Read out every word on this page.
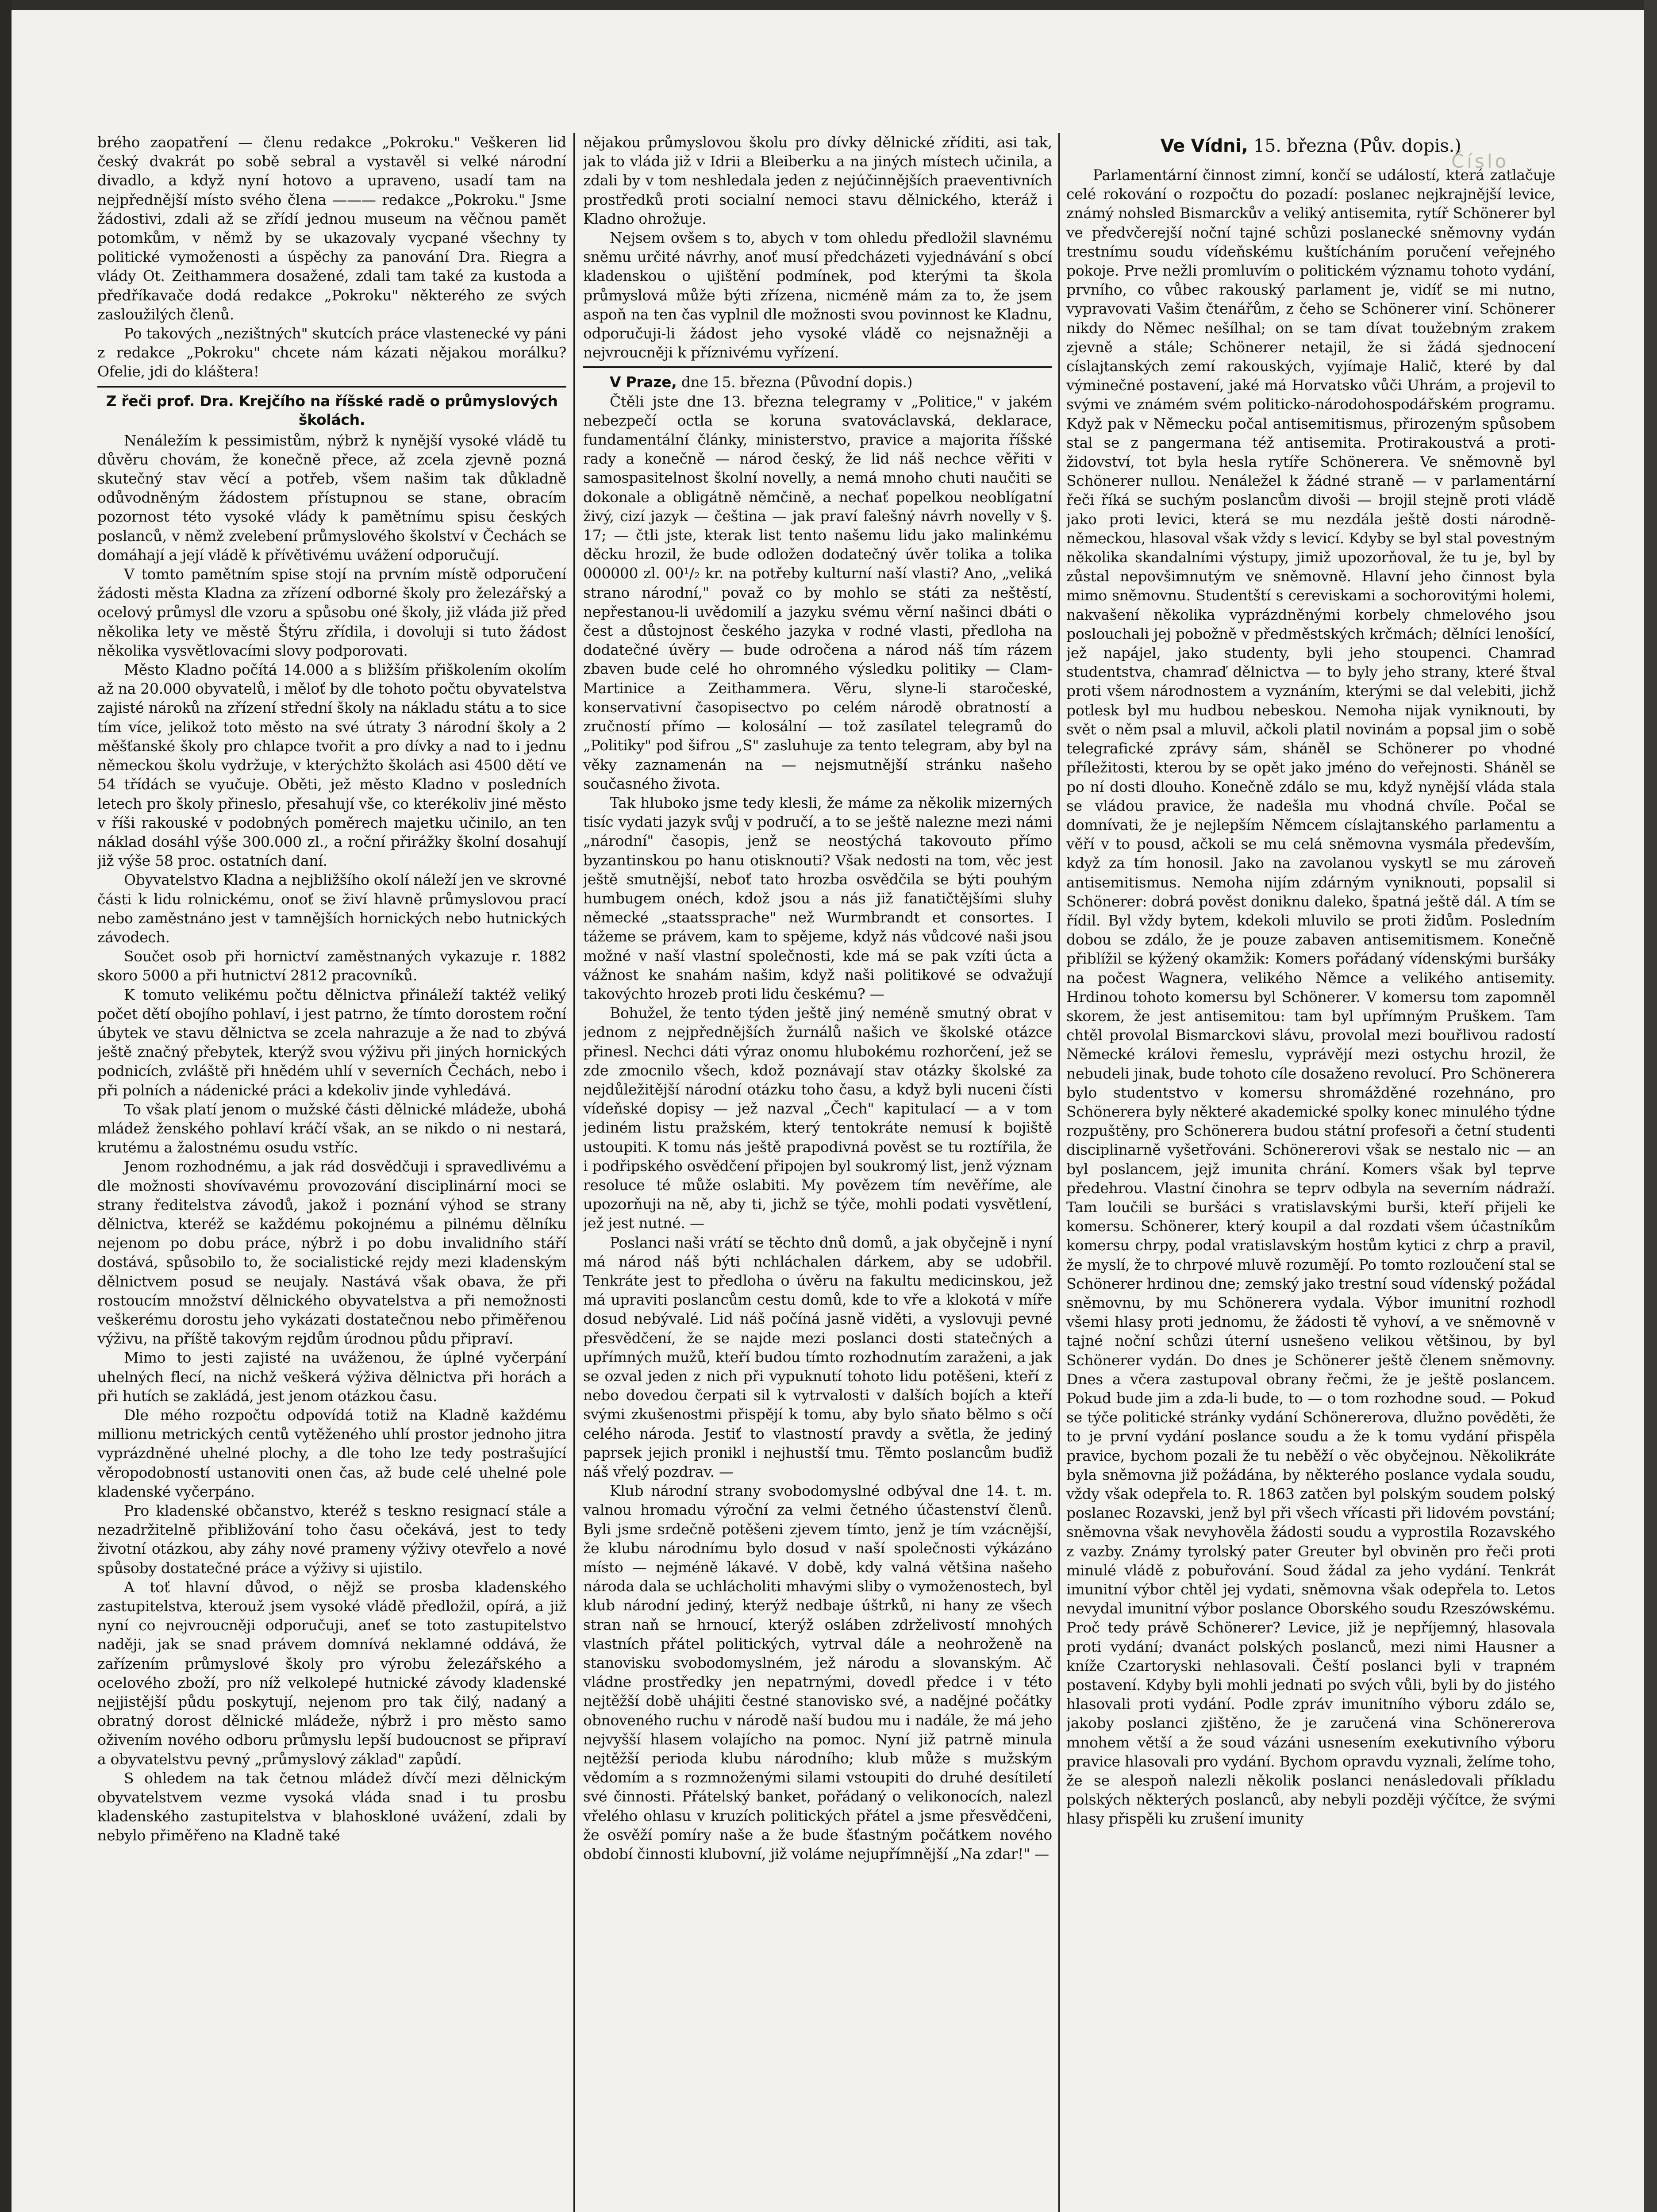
Číslo

brého zaopatření — členu redakce „Pokroku." Veškeren lid český dvakrát po sobě sebral a vystavěl si velké národní divadlo, a když nyní hotovo a upraveno, usadí tam na nejpřednější místo svého člena ——— redakce „Pokroku." Jsme žádostivi, zdali až se zřídí jednou museum na věčnou pamět potomkům, v němž by se ukazovaly vycpané všechny ty politické vymoženosti a úspěchy za panování Dra. Riegra a vlády Ot. Zeithammera dosažené, zdali tam také za kustoda a předříkavače dodá redakce „Pokroku" některého ze svých zasloužilých členů.

Po takových „nezištných" skutcích práce vlastenecké vy páni z redakce „Pokroku" chcete nám kázati nějakou morálku? Ofelie, jdi do kláštera!

Z řeči prof. Dra. Krejčího na říšské radě o průmyslových školách.

Nenáležím k pessimistům, nýbrž k nynější vysoké vládě tu důvěru chovám, že konečně přece, až zcela zjevně pozná skutečný stav věcí a potřeb, všem našim tak důkladně odůvodněným žádostem přístupnou se stane, obracím pozornost této vysoké vlády k pamětnímu spisu českých poslanců, v němž zvelebení průmyslového školství v Čechách se domáhají a její vládě k přívětivému uvážení odporučují.

V tomto pamětním spise stojí na prvním místě odporučení žádosti města Kladna za zřízení odborné školy pro železářský a ocelový průmysl dle vzoru a spůsobu oné školy, již vláda již před několika lety ve městě Štýru zřídila, i dovoluji si tuto žádost několika vysvětlovacími slovy podporovati.

Město Kladno počítá 14.000 a s bližším přiškolením okolím až na 20.000 obyvatelů, i měloť by dle tohoto počtu obyvatelstva zajisté nároků na zřízení střední školy na nákladu státu a to sice tím více, jelikož toto město na své útraty 3 národní školy a 2 měšťanské školy pro chlapce tvořit a pro dívky a nad to i jednu německou školu vydržuje, v kterýchžto školách asi 4500 dětí ve 54 třídách se vyučuje. Oběti, jež město Kladno v posledních letech pro školy přineslo, přesahují vše, co kterékoliv jiné město v říši rakouské v podobných poměrech majetku učinilo, an ten náklad dosáhl výše 300.000 zl., a roční přirážky školní dosahují již výše 58 proc. ostatních daní.

Obyvatelstvo Kladna a nejbližšího okolí náleží jen ve skrovné části k lidu rolnickému, onoť se živí hlavně průmyslovou prací nebo zaměstnáno jest v tamnějších hornických nebo hutnických závodech.

Součet osob při hornictví zaměstnaných vykazuje r. 1882 skoro 5000 a při hutnictví 2812 pracovníků.

K tomuto velikému počtu dělnictva přináleží taktéž veliký počet dětí obojího pohlaví, i jest patrno, že tímto dorostem roční úbytek ve stavu dělnictva se zcela nahrazuje a že nad to zbývá ještě značný přebytek, kterýž svou výživu při jiných hornických podnicích, zvláště při hnědém uhlí v severních Čechách, nebo i při polních a nádenické práci a kdekoliv jinde vyhledává.

To však platí jenom o mužské části dělnické mládeže, ubohá mládež ženského pohlaví kráčí však, an se nikdo o ni nestará, krutému a žalostnému osudu vstříc.

Jenom rozhodnému, a jak rád dosvědčuji i spravedlivému a dle možnosti shovívavému provozování disciplinární moci se strany ředitelstva závodů, jakož i poznání výhod se strany dělnictva, kteréž se každému pokojnému a pilnému dělníku nejenom po dobu práce, nýbrž i po dobu invalidního stáří dostává, spůsobilo to, že socialistické rejdy mezi kladenským dělnictvem posud se neujaly. Nastává však obava, že při rostoucím množství dělnického obyvatelstva a při nemožnosti veškerému dorostu jeho vykázati dostatečnou nebo přiměřenou výživu, na příště takovým rejdům úrodnou půdu připraví.

Mimo to jesti zajisté na uváženou, že úplné vyčerpání uhelných flecí, na nichž veškerá výživa dělnictva při horách a při hutích se zakládá, jest jenom otázkou času.

Dle mého rozpočtu odpovídá totiž na Kladně každému millionu metrických centů vytěženého uhlí prostor jednoho jitra vyprázdněné uhelné plochy, a dle toho lze tedy postrašující věropodobností ustanoviti onen čas, až bude celé uhelné pole kladenské vyčerpáno.

Pro kladenské občanstvo, kteréž s teskno resignací stále a nezadržitelně přibližování toho času očekává, jest to tedy životní otázkou, aby záhy nové prameny výživy otevřelo a nové spůsoby dostatečné práce a výživy si ujistilo.

A toť hlavní důvod, o nějž se prosba kladenského zastupitelstva, kterouž jsem vysoké vládě předložil, opírá, a již nyní co nejvroucněji odporučuji, aneť se toto zastupitelstvo naději, jak se snad právem domnívá neklamné oddává, že zařízením průmyslové školy pro výrobu železářského a ocelového zboží, pro níž velkolepé hutnické závody kladenské nejjistější půdu poskytují, nejenom pro tak čilý, nadaný a obratný dorost dělnické mládeže, nýbrž i pro město samo oživením nového odboru průmyslu lepší budoucnost se připraví a obyvatelstvu pevný „průmyslový základ" zapůdí.

S ohledem na tak četnou mládež dívčí mezi dělnickým obyvatelstvem vezme vysoká vláda snad i tu prosbu kladenského zastupitelstva v blahoskloné uvážení, zdali by nebylo přiměřeno na Kladně také

nějakou průmyslovou školu pro dívky dělnické zříditi, asi tak, jak to vláda již v Idrii a Bleiberku a na jiných místech učinila, a zdali by v tom neshledala jeden z nejúčinnějších praeventivních prostředků proti socialní nemoci stavu dělnického, kteráž i Kladno ohrožuje.

Nejsem ovšem s to, abych v tom ohledu předložil slavnému sněmu určité návrhy, anoť musí předcházeti vyjednávání s obcí kladenskou o ujištění podmínek, pod kterými ta škola průmyslová může býti zřízena, nicméně mám za to, že jsem aspoň na ten čas vyplnil dle možnosti svou povinnost ke Kladnu, odporučuji-li žádost jeho vysoké vládě co nejsnažněji a nejvroucněji k příznivému vyřízení.

V Praze, dne 15. března (Původní dopis.)

Čtěli jste dne 13. března telegramy v „Politice," v jakém nebezpečí octla se koruna svatováclavská, deklarace, fundamentální články, ministerstvo, pravice a majorita říšské rady a konečně — národ český, že lid náš nechce věřiti v samospasitelnost školní novelly, a nemá mnoho chuti naučiti se dokonale a obligátně němčině, a nechať popelkou neoblígatní živý, cizí jazyk — čeština — jak praví falešný návrh novelly v §. 17; — čtli jste, kterak list tento našemu lidu jako malinkému děcku hrozil, že bude odložen dodatečný úvěr tolika a tolika 000000 zl. 00¹/₂ kr. na potřeby kulturní naší vlasti? Ano, „veliká strano národní," považ co by mohlo se státi za neštěstí, nepřestanou-li uvědomilí a jazyku svému věrní našinci dbáti o čest a důstojnost českého jazyka v rodné vlasti, předloha na dodatečné úvěry — bude odročena a národ náš tím rázem zbaven bude celé ho ohromného výsledku politiky — Clam-Martinice a Zeithammera. Věru, slyne-li staročeské, konservativní časopisectvo po celém národě obratností a zručností přímo — kolosální — tož zasílatel telegramů do „Politiky" pod šifrou „S" zasluhuje za tento telegram, aby byl na věky zaznamenán na — nejsmutnější stránku našeho současného života.

Tak hluboko jsme tedy klesli, že máme za několik mizerných tisíc vydati jazyk svůj v područí, a to se ještě nalezne mezi námi „národní" časopis, jenž se neostýchá takovouto přímo byzantinskou po hanu otisknouti? Však nedosti na tom, věc jest ještě smutnější, neboť tato hrozba osvědčila se býti pouhým humbugem onéch, kdož jsou a nás již fanatičtějšími sluhy německé „staatssprache" než Wurmbrandt et consortes. I tážeme se právem, kam to spějeme, když nás vůdcové naši jsou možné v naší vlastní společnosti, kde má se pak vzíti úcta a vážnost ke snahám našim, když naši politikové se odvažují takovýchto hrozeb proti lidu českému? —

Bohužel, že tento týden ještě jiný neméně smutný obrat v jednom z nejpřednějších žurnálů našich ve školské otázce přinesl. Nechci dáti výraz onomu hlubokému rozhorčení, jež se zde zmocnilo všech, kdož poznávají stav otázky školské za nejdůležitější národní otázku toho času, a když byli nuceni čísti vídeňské dopisy — jež nazval „Čech" kapitulací — a v tom jediném listu pražském, který tentokráte nemusí k bojiště ustoupiti. K tomu nás ještě prapodivná pověst se tu roztířila, že i podřipského osvědčení připojen byl soukromý list, jenž význam resoluce té může oslabiti. My povězem tím nevěříme, ale upozorňuji na ně, aby ti, jichž se týče, mohli podati vysvětlení, jež jest nutné. —

Poslanci naši vrátí se těchto dnů domů, a jak obyčejně i nyní má národ náš býti nchláchalen dárkem, aby se udobřil. Tenkráte jest to předloha o úvěru na fakultu medicinskou, jež má upraviti poslancům cestu domů, kde to vře a klokotá v míře dosud nebývalé. Lid náš počíná jasně viděti, a vyslovuji pevné přesvědčení, že se najde mezi poslanci dosti statečných a upřímných mužů, kteří budou tímto rozhodnutím zaraženi, a jak se ozval jeden z nich při vypuknutí tohoto lidu potěšeni, kteří z nebo dovedou čerpati sil k vytrvalosti v dalších bojích a kteří svými zkušenostmi přispějí k tomu, aby bylo sňato bělmo s očí celého národa. Jestiť to vlastností pravdy a světla, že jediný paprsek jejich pronikl i nejhustší tmu. Těmto poslancům buďiž náš vřelý pozdrav. —

Klub národní strany svobodomyslné odbýval dne 14. t. m. valnou hromadu výroční za velmi četného účastenství členů. Byli jsme srdečně potěšeni zjevem tímto, jenž je tím vzácnější, že klubu národnímu bylo dosud v naší společnosti výkázáno místo — nejméně lákavé. V době, kdy valná většina našeho národa dala se uchlácholiti mhavými sliby o vymoženostech, byl klub národní jediný, kterýž nedbaje úštrků, ni hany ze všech stran naň se hrnoucí, kterýž osláben zdrželivostí mnohých vlastních přátel politických, vytrval dále a neohroženě na stanovisku svobodomyslném, jež národu a slovanským. Ač vládne prostředky jen nepatrnými, dovedl předce i v této nejtěžší době uhájiti čestné stanovisko své, a nadějné počátky obnoveného ruchu v národě naší budou mu i nadále, že má jeho nejvyšší hlasem volajícho na pomoc. Nyní již patrně minula nejtěžší perioda klubu národního; klub může s mužským vědomím a s rozmnoženými silami vstoupiti do druhé desítiletí své činnosti. Přátelský banket, pořádaný o velikonocích, nalezl vřelého ohlasu v kruzích politických přátel a jsme přesvědčeni, že osvěží pomíry naše a že bude šťastným počátkem nového období činnosti klubovní, již voláme nejupřímnější „Na zdar!" —

Ve Vídni, 15. března (Pův. dopis.)

Parlamentární činnost zimní, končí se událostí, která zatlačuje celé rokování o rozpočtu do pozadí: poslanec nejkrajnější levice, známý nohsled Bismarckův a veliký antisemita, rytíř Schönerer byl ve předvčerejší noční tajné schůzi poslanecké sněmovny vydán trestnímu soudu vídeňskému kuštícháním poručení veřejného pokoje. Prve nežli promluvím o politickém významu tohoto vydání, prvního, co vůbec rakouský parlament je, vidíť se mi nutno, vypravovati Vašim čtenářům, z čeho se Schönerer viní. Schönerer nikdy do Němec nešílhal; on se tam dívat toužebným zrakem zjevně a stále; Schönerer netajil, že si žádá sjednocení císlajtanských zemí rakouských, vyjímaje Halič, které by dal výminečné postavení, jaké má Horvatsko vůči Uhrám, a projevil to svými ve známém svém politicko-národohospodářském programu. Když pak v Německu počal antisemitismus, přirozeným spůsobem stal se z pangermana též antisemita. Protirakoustvá a proti-židovství, tot byla hesla rytíře Schönerera. Ve sněmovně byl Schönerer nullou. Nenáležel k žádné straně — v parlamentární řeči říká se suchým poslancům divoši — brojil stejně proti vládě jako proti levici, která se mu nezdála ještě dosti národně-německou, hlasoval však vždy s levicí. Kdyby se byl stal povestným několika skandalními výstupy, jimiž upozorňoval, že tu je, byl by zůstal nepovšimnutým ve sněmovně. Hlavní jeho činnost byla mimo sněmovnu. Studentští s cereviskami a sochorovitými holemi, nakvašení několika vyprázdněnými korbely chmelového jsou poslouchali jej pobožně v předměstských krčmách; dělníci lenošící, jež napájel, jako studenty, byli jeho stoupenci. Chamraď studentstva, chamraď dělnictva — to byly jeho strany, které štval proti všem národnostem a vyznáním, kterými se dal velebiti, jichž potlesk byl mu hudbou nebeskou. Nemoha nijak vyniknouti, by svět o něm psal a mluvil, ačkoli platil novinám a popsal jim o sobě telegrafické zprávy sám, sháněl se Schönerer po vhodné příležitosti, kterou by se opět jako jméno do veřejnosti. Sháněl se po ní dosti dlouho. Konečně zdálo se mu, když nynější vláda stala se vládou pravice, že nadešla mu vhodná chvíle. Počal se domnívati, že je nejlepším Němcem císlajtanského parlamentu a věří v to pousd, ačkoli se mu celá sněmovna vysmála především, když za tím honosil. Jako na zavolanou vyskytl se mu zároveň antisemitismus. Nemoha nijím zdárným vyniknouti, popsalil si Schönerer: dobrá pověst doniknu daleko, špatná ještě dál. A tím se řídil. Byl vždy bytem, kdekoli mluvilo se proti židům. Posledním dobou se zdálo, že je pouze zabaven antisemitismem. Konečně přiblížil se kýžený okamžik: Komers pořádaný vídenskými buršáky na počest Wagnera, velikého Němce a velikého antisemity. Hrdinou tohoto komersu byl Schönerer. V komersu tom zapomněl skorem, že jest antisemitou: tam byl upřímným Pruškem. Tam chtěl provolal Bismarckovi slávu, provolal mezi bouřlivou radostí Německé královi řemeslu, vyprávějí mezi ostychu hrozil, že nebudeli jinak, bude tohoto cíle dosaženo revolucí. Pro Schönerera bylo studentstvo v komersu shromážděné rozehnáno, pro Schönerera byly některé akademické spolky konec minulého týdne rozpuštěny, pro Schönerera budou státní profesoři a četní studenti disciplinarně vyšetřováni. Schönererovi však se nestalo nic — an byl poslancem, jejž imunita chrání. Komers však byl teprve předehrou. Vlastní činohra se teprv odbyla na severním nádraží. Tam loučili se buršáci s vratislavskými burši, kteří přijeli ke komersu. Schönerer, který koupil a dal rozdati všem účastníkům komersu chrpy, podal vratislavským hostům kytici z chrp a pravil, že myslí, že to chrpové mluvě rozumějí. Po tomto rozloučení stal se Schönerer hrdinou dne; zemský jako trestní soud vídenský požádal sněmovnu, by mu Schönerera vydala. Výbor imunitní rozhodl všemi hlasy proti jednomu, že žádosti tě vyhoví, a ve sněmovně v tajné noční schůzi úterní usnešeno velikou většinou, by byl Schönerer vydán. Do dnes je Schönerer ještě členem sněmovny. Dnes a včera zastupoval obrany řečmi, že je ještě poslancem. Pokud bude jim a zda-li bude, to — o tom rozhodne soud. — Pokud se týče politické stránky vydání Schönererova, dlužno pověděti, že to je první vydání poslance soudu a že k tomu vydání přispěla pravice, bychom pozali že tu neběží o věc obyčejnou. Několikráte byla sněmovna již požádána, by některého poslance vydala soudu, vždy však odepřela to. R. 1863 zatčen byl polským soudem polský poslanec Rozavski, jenž byl při všech vřícasti při lidovém povstání; sněmovna však nevyhověla žádosti soudu a vyprostila Rozavského z vazby. Známy tyrolský pater Greuter byl obviněn pro řeči proti minulé vládě z pobuřování. Soud žádal za jeho vydání. Tenkrát imunitní výbor chtěl jej vydati, sněmovna však odepřela to. Letos nevydal imunitní výbor poslance Oborského soudu Rzeszówskému. Proč tedy právě Schönerer? Levice, již je nepříjemný, hlasovala proti vydání; dvanáct polských poslanců, mezi nimi Hausner a kníže Czartoryski nehlasovali. Čeští poslanci byli v trapném postavení. Kdyby byli mohli jednati po svých vůli, byli by do jistého hlasovali proti vydání. Podle zpráv imunitního výboru zdálo se, jakoby poslanci zjištěno, že je zaručená vina Schönererova mnohem větší a že soud vázáni usnesením exekutivního výboru pravice hlasovali pro vydání. Bychom opravdu vyznali, želíme toho, že se alespoň nalezli několik poslanci nenásledovali příkladu polských některých poslanců, aby nebyli později výčítce, že svými hlasy přispěli ku zrušení imunity
